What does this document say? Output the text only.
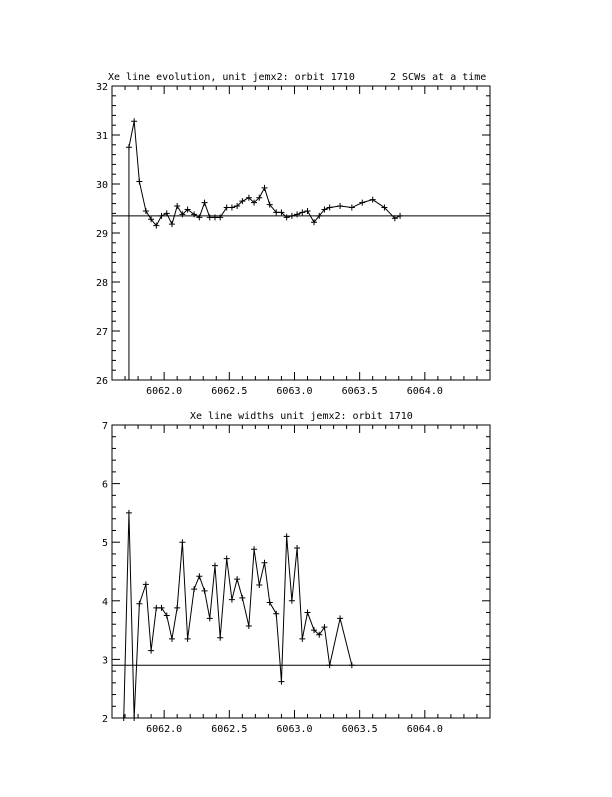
Xe line evolution, unit jemx2: orbit 1710	2 SCWs at a time
6062.0	6062.5	6063.0	6063.5	6064.0
26
27
28
29
30
31
32
Xe line widths unit jemx2: orbit 1710
6062.0	6062.5	6063.0	6063.5	6064.0
2
3
4
5
6
7
